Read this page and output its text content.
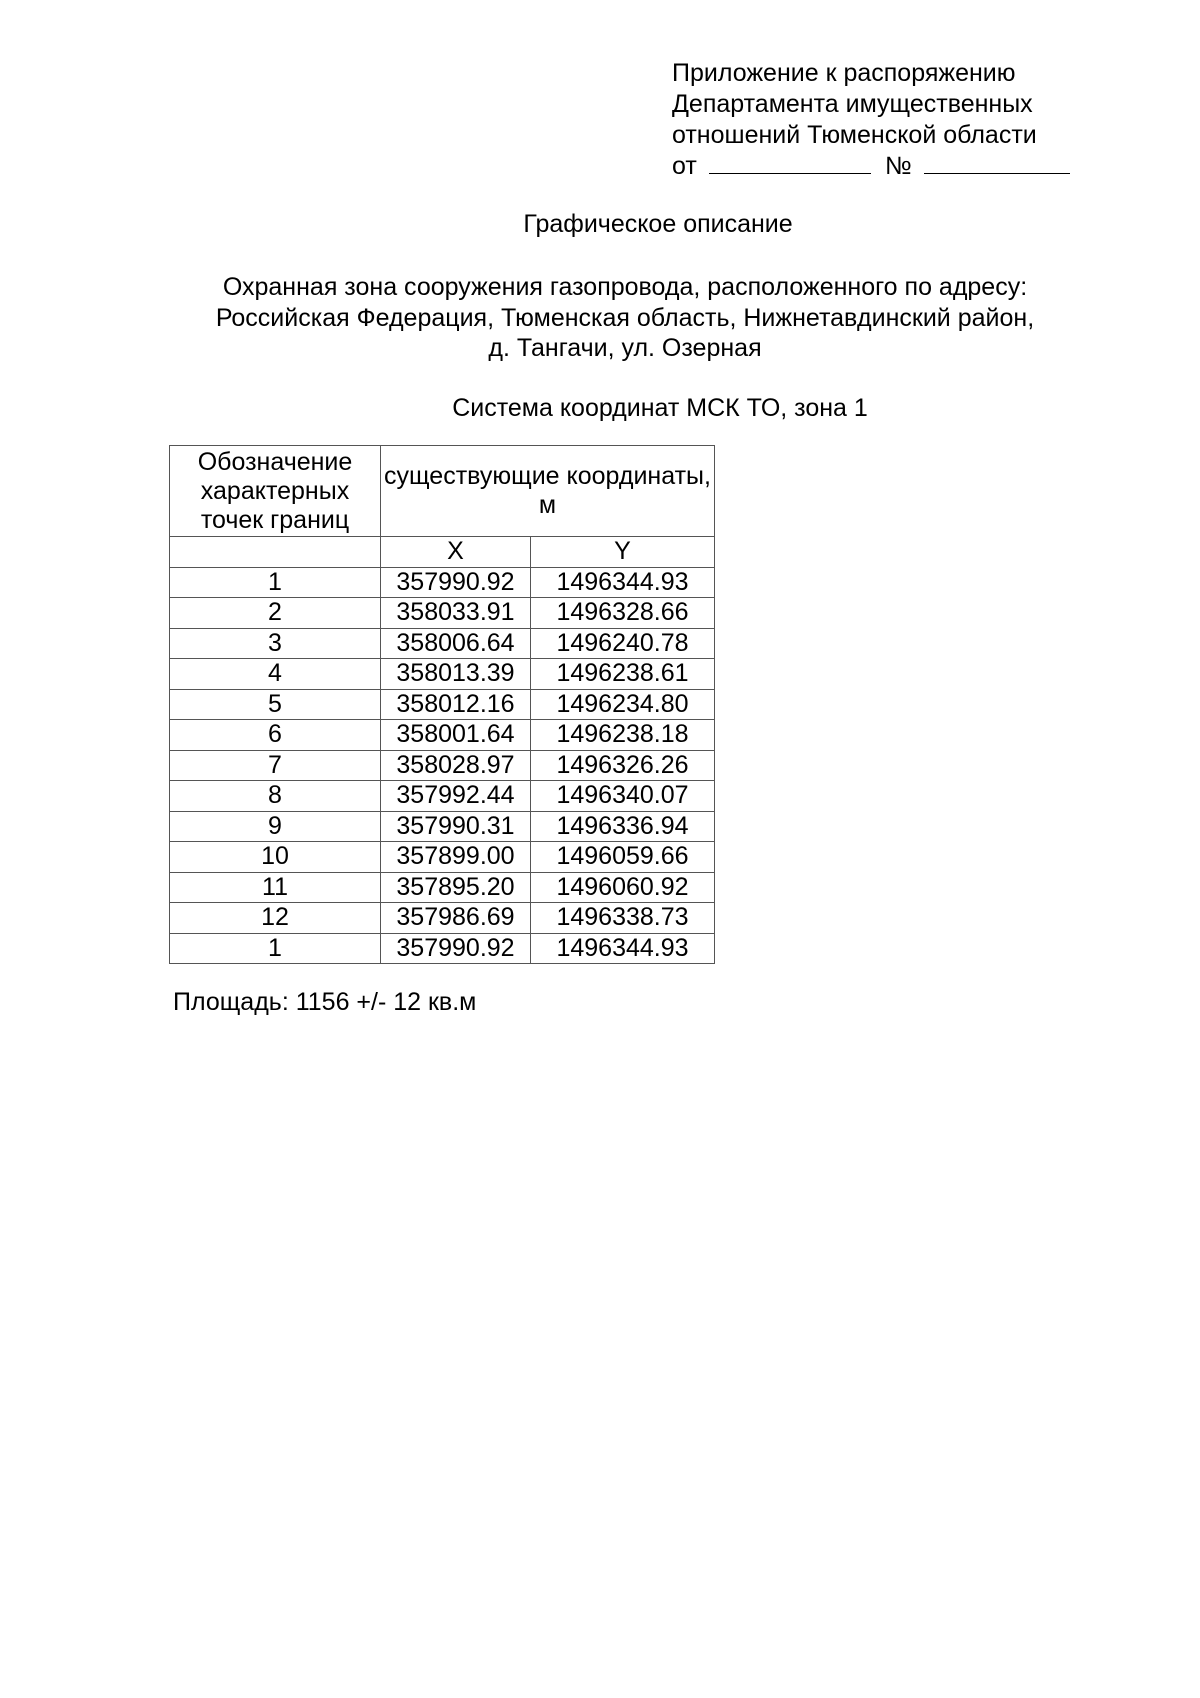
Приложение к распоряжению
Департамента имущественных
отношений Тюменской области
от	№
Графическое описание
Охранная зона сооружения газопровода, расположенного по адресу:
Российская Федерация, Тюменская область, Нижнетавдинский район,
д. Тангачи, ул. Озерная
Система координат МСК ТО, зона 1
Обозначение характерных точек границ	существующие координаты, м	
	X	Y
1	357990.92	1496344.93
2	358033.91	1496328.66
3	358006.64	1496240.78
4	358013.39	1496238.61
5	358012.16	1496234.80
6	358001.64	1496238.18
7	358028.97	1496326.26
8	357992.44	1496340.07
9	357990.31	1496336.94
10	357899.00	1496059.66
11	357895.20	1496060.92
12	357986.69	1496338.73
1	357990.92	1496344.93
Площадь: 1156 +/- 12 кв.м
